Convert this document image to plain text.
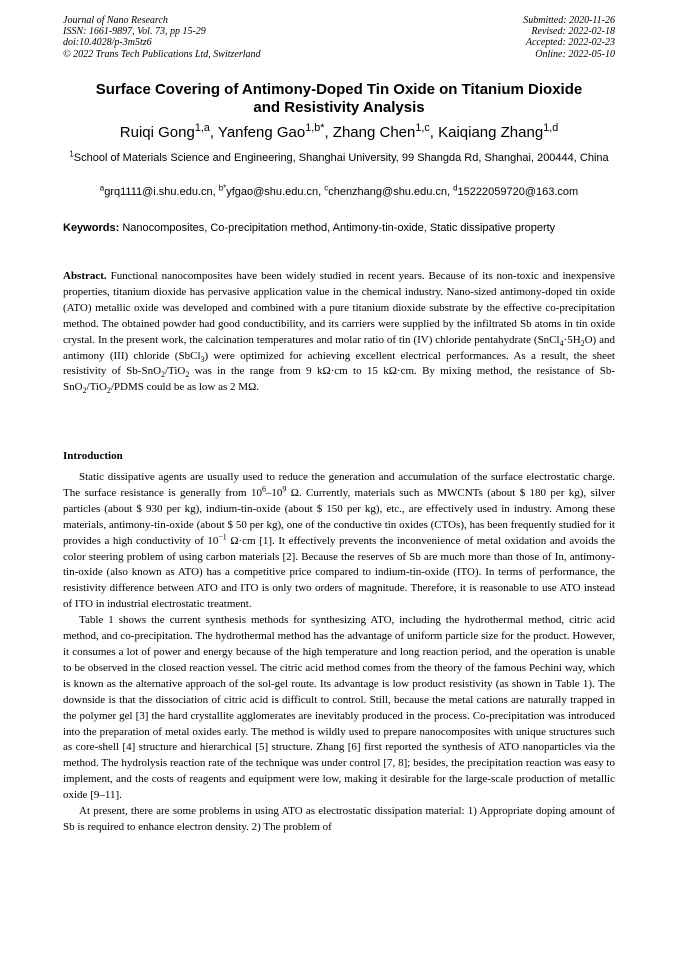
Journal of Nano Research
ISSN: 1661-9897, Vol. 73, pp 15-29
doi:10.4028/p-3m5tz6
© 2022 Trans Tech Publications Ltd, Switzerland
Submitted: 2020-11-26
Revised: 2022-02-18
Accepted: 2022-02-23
Online: 2022-05-10
Surface Covering of Antimony-Doped Tin Oxide on Titanium Dioxide
and Resistivity Analysis
Ruiqi Gong$^{1,a}$, Yanfeng Gao$^{1,b*}$, Zhang Chen$^{1,c}$, Kaiqiang Zhang$^{1,d}$
$^1$School of Materials Science and Engineering, Shanghai University, 99 Shangda Rd, Shanghai, 200444, China
$^a$grq1111@i.shu.edu.cn, $^{b*}$yfgao@shu.edu.cn, $^c$chenzhang@shu.edu.cn, $^d$15222059720@163.com
Keywords: Nanocomposites, Co-precipitation method, Antimony-tin-oxide, Static dissipative property
Abstract. Functional nanocomposites have been widely studied in recent years. Because of its non-toxic and inexpensive properties, titanium dioxide has pervasive application value in the chemical industry. Nano-sized antimony-doped tin oxide (ATO) metallic oxide was developed and combined with a pure titanium dioxide substrate by the effective co-precipitation method. The obtained powder had good conductibility, and its carriers were supplied by the infiltrated Sb atoms in tin oxide crystal. In the present work, the calcination temperatures and molar ratio of tin (IV) chloride pentahydrate $(SnCl_4\cdot 5H_2O)$ and antimony (III) chloride (SbCl$_3$) were optimized for achieving excellent electrical performances. As a result, the sheet resistivity of Sb-SnO$_2$/TiO$_2$ was in the range from 9 kΩ·cm to 15 kΩ·cm. By mixing method, the resistance of Sb-SnO$_2$/TiO$_2$/PDMS could be as low as 2 MΩ.
Introduction

Static dissipative agents are usually used to reduce the generation and accumulation of the surface electrostatic charge. The surface resistance is generally from $10^6-10^9$ Ω. Currently, materials such as MWCNTs (about $ 180 per kg), silver particles (about $ 930 per kg), indium-tin-oxide (about $ 150 per kg), etc., are effectively used in industry. Among these materials, antimony-tin-oxide (about $ 50 per kg), one of the conductive tin oxides (CTOs), has been frequently studied for it provides a high conductivity of $10^{-1}$ Ω·cm [1]. It effectively prevents the inconvenience of metal oxidation and avoids the color steering problem of using carbon materials [2]. Because the reserves of Sb are much more than those of In, antimony-tin-oxide (also known as ATO) has a competitive price compared to indium-tin-oxide (ITO). In terms of performance, the resistivity difference between ATO and ITO is only two orders of magnitude. Therefore, it is reasonable to use ATO instead of ITO in industrial electrostatic treatment.

Table 1 shows the current synthesis methods for synthesizing ATO, including the hydrothermal method, citric acid method, and co-precipitation. The hydrothermal method has the advantage of uniform particle size for the product. However, it consumes a lot of power and energy because of the high temperature and long reaction period, and the operation is unable to be observed in the closed reaction vessel. The citric acid method comes from the theory of the famous Pechini way, which is known as the alternative approach of the sol-gel route. Its advantage is low product resistivity (as shown in Table 1). The downside is that the dissociation of citric acid is difficult to control. Still, because the metal cations are naturally trapped in the polymer gel [3] the hard crystallite agglomerates are inevitably produced in the process. Co-precipitation was introduced into the preparation of metal oxides early. The method is wildly used to prepare nanocomposites with unique structures such as core-shell [4] structure and hierarchical [5] structure. Zhang [6] first reported the synthesis of ATO nanoparticles via the method. The hydrolysis reaction rate of the technique was under control [7, 8]; besides, the precipitation reaction was easy to implement, and the costs of reagents and equipment were low, making it desirable for the large-scale production of metallic oxide [9–11].

At present, there are some problems in using ATO as electrostatic dissipation material: 1) Appropriate doping amount of Sb is required to enhance electron density. 2) The problem of
